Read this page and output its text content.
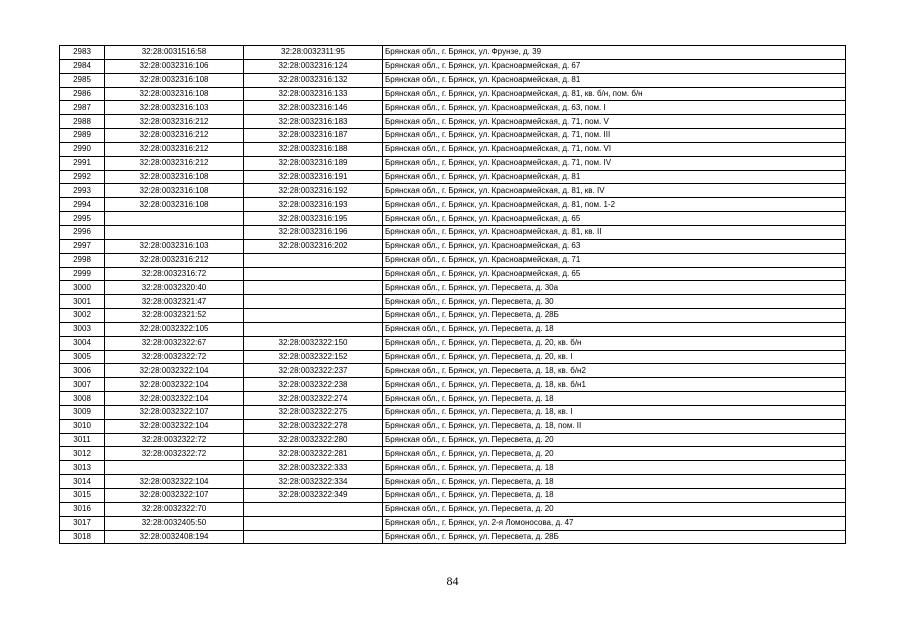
2983	32:28:0031516:58	32:28:0032311:95	Брянская обл., г. Брянск, ул. Фрунзе, д. 39
2984	32:28:0032316:106	32:28:0032316:124	Брянская обл., г. Брянск, ул. Красноармейская, д. 67
2985	32:28:0032316:108	32:28:0032316:132	Брянская обл., г. Брянск, ул. Красноармейская, д. 81
2986	32:28:0032316:108	32:28:0032316:133	Брянская обл., г. Брянск, ул. Красноармейская, д. 81, кв. б/н, пом. б/н
2987	32:28:0032316:103	32:28:0032316:146	Брянская обл., г. Брянск, ул. Красноармейская, д. 63, пом. I
2988	32:28:0032316:212	32:28:0032316:183	Брянская обл., г. Брянск, ул. Красноармейская, д. 71, пом. V
2989	32:28:0032316:212	32:28:0032316:187	Брянская обл., г. Брянск, ул. Красноармейская, д. 71, пом. III
2990	32:28:0032316:212	32:28:0032316:188	Брянская обл., г. Брянск, ул. Красноармейская, д. 71, пом. VI
2991	32:28:0032316:212	32:28:0032316:189	Брянская обл., г. Брянск, ул. Красноармейская, д. 71, пом. IV
2992	32:28:0032316:108	32:28:0032316:191	Брянская обл., г. Брянск, ул. Красноармейская, д. 81
2993	32:28:0032316:108	32:28:0032316:192	Брянская обл., г. Брянск, ул. Красноармейская, д. 81, кв. IV
2994	32:28:0032316:108	32:28:0032316:193	Брянская обл., г. Брянск, ул. Красноармейская, д. 81, пом. 1-2
2995		32:28:0032316:195	Брянская обл., г. Брянск, ул. Красноармейская, д. 65
2996		32:28:0032316:196	Брянская обл., г. Брянск, ул. Красноармейская, д. 81, кв. II
2997	32:28:0032316:103	32:28:0032316:202	Брянская обл., г. Брянск, ул. Красноармейская, д. 63
2998	32:28:0032316:212		Брянская обл., г. Брянск, ул. Красноармейская, д. 71
2999	32:28:0032316:72		Брянская обл., г. Брянск, ул. Красноармейская, д. 65
3000	32:28:0032320:40		Брянская обл., г. Брянск, ул. Пересвета, д. 30а
3001	32:28:0032321:47		Брянская обл., г. Брянск, ул. Пересвета, д. 30
3002	32:28:0032321:52		Брянская обл., г. Брянск, ул. Пересвета, д. 28Б
3003	32:28:0032322:105		Брянская обл., г. Брянск, ул. Пересвета, д. 18
3004	32:28:0032322:67	32:28:0032322:150	Брянская обл., г. Брянск, ул. Пересвета, д. 20, кв. б/н
3005	32:28:0032322:72	32:28:0032322:152	Брянская обл., г. Брянск, ул. Пересвета, д. 20, кв. I
3006	32:28:0032322:104	32:28:0032322:237	Брянская обл., г. Брянск, ул. Пересвета, д. 18, кв. б/н2
3007	32:28:0032322:104	32:28:0032322:238	Брянская обл., г. Брянск, ул. Пересвета, д. 18, кв. б/н1
3008	32:28:0032322:104	32:28:0032322:274	Брянская обл., г. Брянск, ул. Пересвета, д. 18
3009	32:28:0032322:107	32:28:0032322:275	Брянская обл., г. Брянск, ул. Пересвета, д. 18, кв. I
3010	32:28:0032322:104	32:28:0032322:278	Брянская обл., г. Брянск, ул. Пересвета, д. 18, пом. II
3011	32:28:0032322:72	32:28:0032322:280	Брянская обл., г. Брянск, ул. Пересвета, д. 20
3012	32:28:0032322:72	32:28:0032322:281	Брянская обл., г. Брянск, ул. Пересвета, д. 20
3013		32:28:0032322:333	Брянская обл., г. Брянск, ул. Пересвета, д. 18
3014	32:28:0032322:104	32:28:0032322:334	Брянская обл., г. Брянск, ул. Пересвета, д. 18
3015	32:28:0032322:107	32:28:0032322:349	Брянская обл., г. Брянск, ул. Пересвета, д. 18
3016	32:28:0032322:70		Брянская обл., г. Брянск, ул. Пересвета, д. 20
3017	32:28:0032405:50		Брянская обл., г. Брянск, ул. 2-я Ломоносова, д. 47
3018	32:28:0032408:194		Брянская обл., г. Брянск, ул. Пересвета, д. 28Б
84
